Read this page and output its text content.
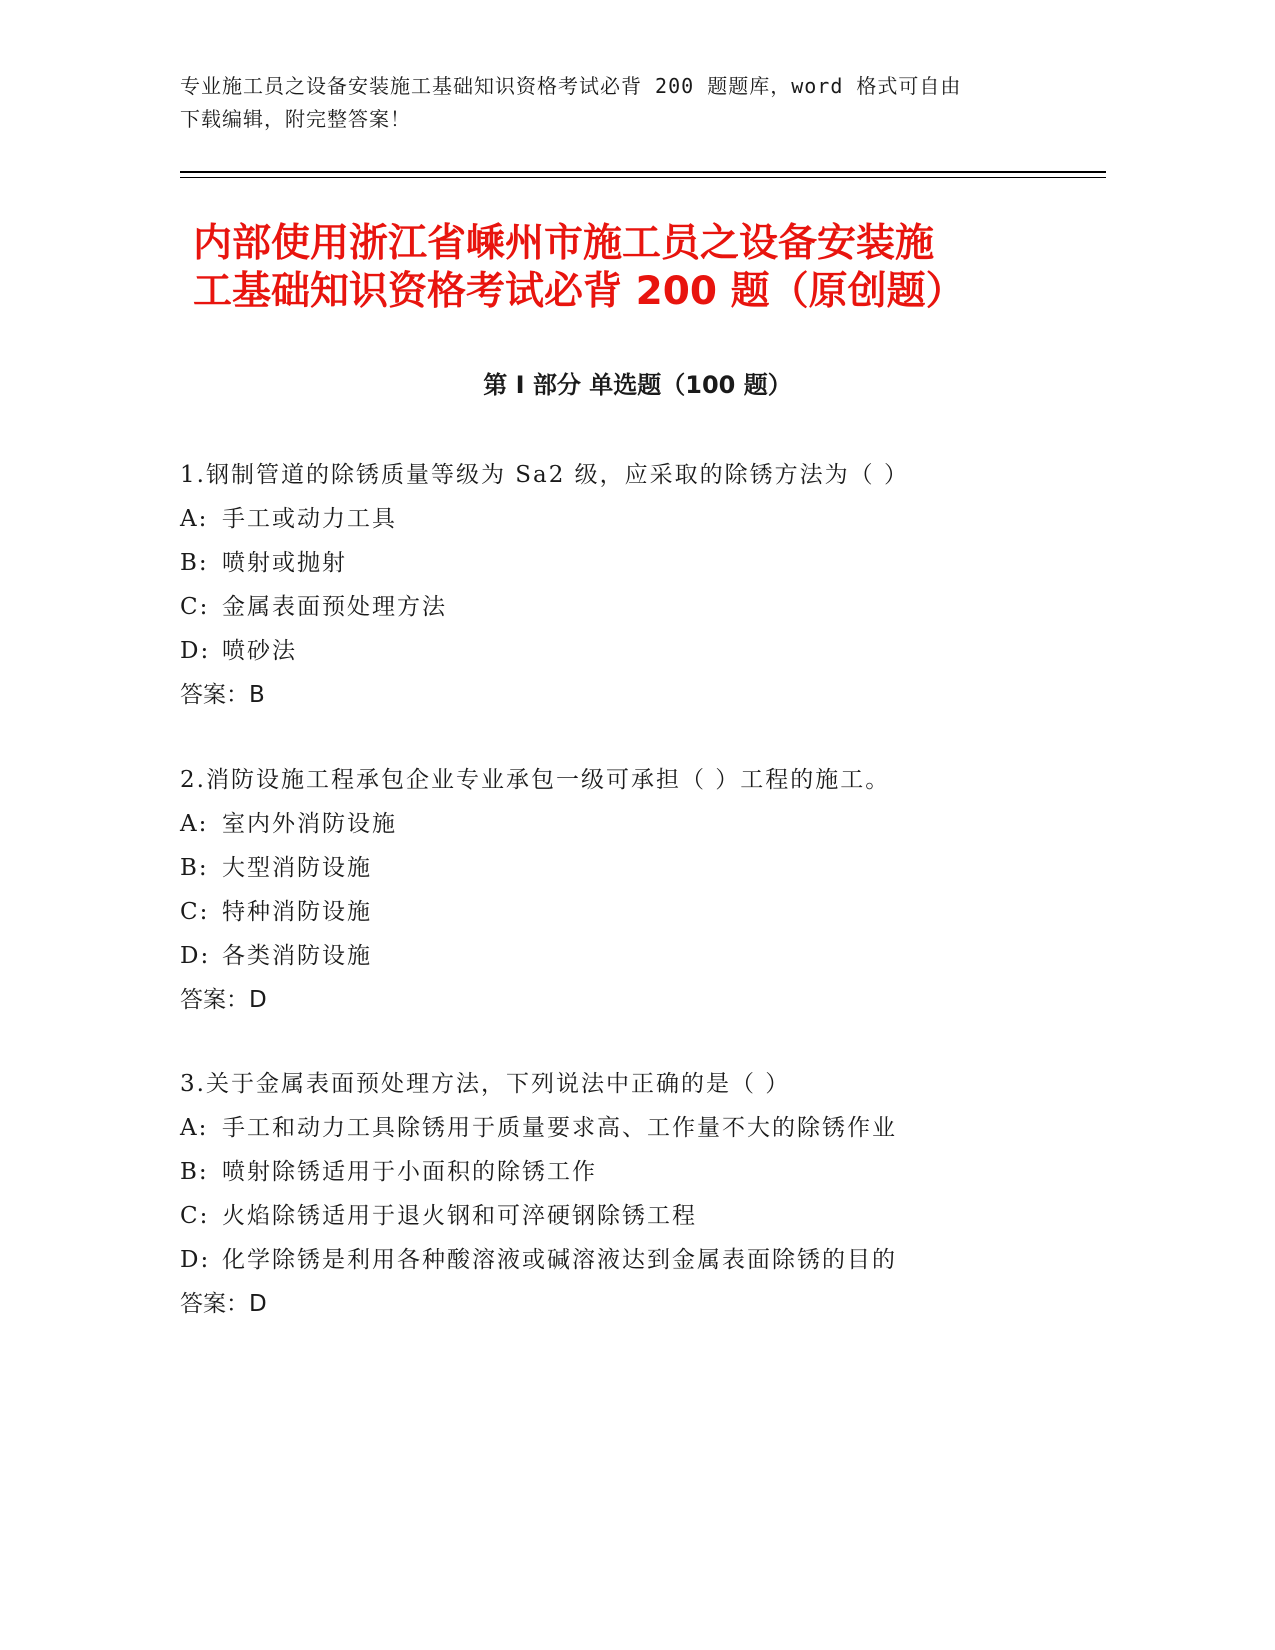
专业施工员之设备安装施工基础知识资格考试必背 200 题题库，word 格式可自由
下载编辑，附完整答案！
内部使用浙江省嵊州市施工员之设备安装施
工基础知识资格考试必背 200 题（原创题）
第 I 部分 单选题（100 题）
1.钢制管道的除锈质量等级为 Sa2 级，应采取的除锈方法为（ ）
A: 手工或动力工具
B: 喷射或抛射
C: 金属表面预处理方法
D: 喷砂法
答案：B
2.消防设施工程承包企业专业承包一级可承担（ ）工程的施工。
A: 室内外消防设施
B: 大型消防设施
C: 特种消防设施
D: 各类消防设施
答案：D
3.关于金属表面预处理方法，下列说法中正确的是（ ）
A: 手工和动力工具除锈用于质量要求高、工作量不大的除锈作业
B: 喷射除锈适用于小面积的除锈工作
C: 火焰除锈适用于退火钢和可淬硬钢除锈工程
D: 化学除锈是利用各种酸溶液或碱溶液达到金属表面除锈的目的
答案：D
